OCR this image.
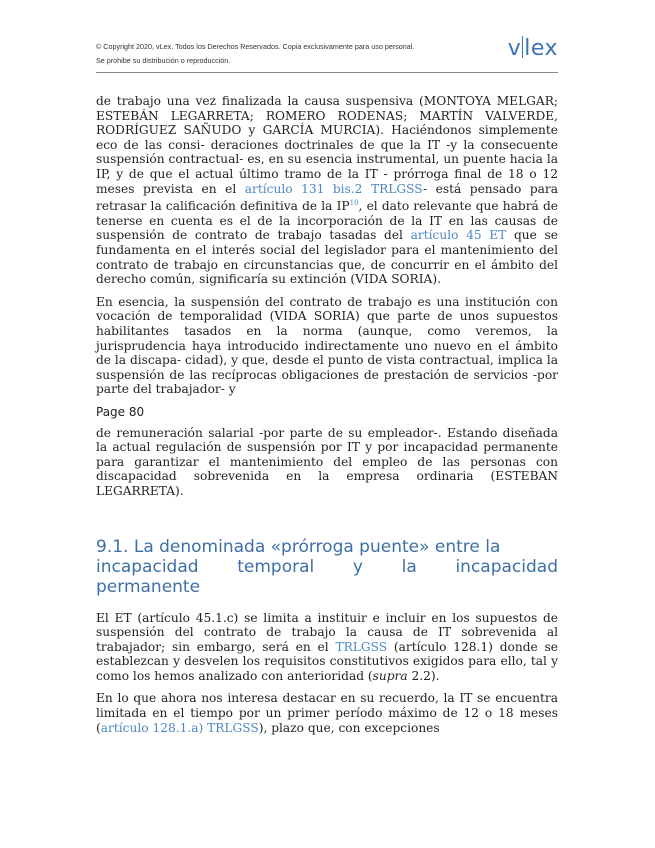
© Copyright 2020, vLex. Todos los Derechos Reservados. Copia exclusivamente para uso personal.
Se prohibe su distribución o reproducción.	v lex

de trabajo una vez finalizada la causa suspensiva (MONTOYA MELGAR; ESTEBÁN LEGARRETA; ROMERO RODENAS; MARTÍN VALVERDE, RODRÍGUEZ SAÑUDO y GARCÍA MURCIA). Haciéndonos simplemente eco de las consi- deraciones doctrinales de que la IT -y la consecuente suspensión contractual- es, en su esencia instrumental, un puente hacia la IP, y de que el actual último tramo de la IT - prórroga final de 18 o 12 meses prevista en el artículo 131 bis.2 TRLGSS- está pensado para retrasar la calificación definitiva de la IP$^{10}$, el dato relevante que habrá de tenerse en cuenta es el de la incorporación de la IT en las causas de suspensión de contrato de trabajo tasadas del artículo 45 ET que se fundamenta en el interés social del legislador para el mantenimiento del contrato de trabajo en circunstancias que, de concurrir en el ámbito del derecho común, significaría su extinción (VIDA SORIA).

En esencia, la suspensión del contrato de trabajo es una institución con vocación de temporalidad (VIDA SORIA) que parte de unos supuestos habilitantes tasados en la norma (aunque, como veremos, la jurisprudencia haya introducido indirectamente uno nuevo en el ámbito de la discapa- cidad), y que, desde el punto de vista contractual, implica la suspensión de las recíprocas obligaciones de prestación de servicios -por parte del trabajador- y

Page 80

de remuneración salarial -por parte de su empleador-. Estando diseñada la actual regulación de suspensión por IT y por incapacidad permanente para garantizar el mantenimiento del empleo de las personas con discapacidad sobrevenida en la empresa ordinaria (ESTEBAN LEGARRETA).

9.1. La denominada «prórroga puente» entre la
incapacidad temporal y la incapacidad
permanente

El ET (artículo 45.1.c) se limita a instituir e incluir en los supuestos de suspensión del contrato de trabajo la causa de IT sobrevenida al trabajador; sin embargo, será en el TRLGSS (artículo 128.1) donde se establezcan y desvelen los requisitos constitutivos exigidos para ello, tal y como los hemos analizado con anterioridad (supra 2.2).

En lo que ahora nos interesa destacar en su recuerdo, la IT se encuentra limitada en el tiempo por un primer período máximo de 12 o 18 meses (artículo 128.1.a) TRLGSS), plazo que, con excepciones
